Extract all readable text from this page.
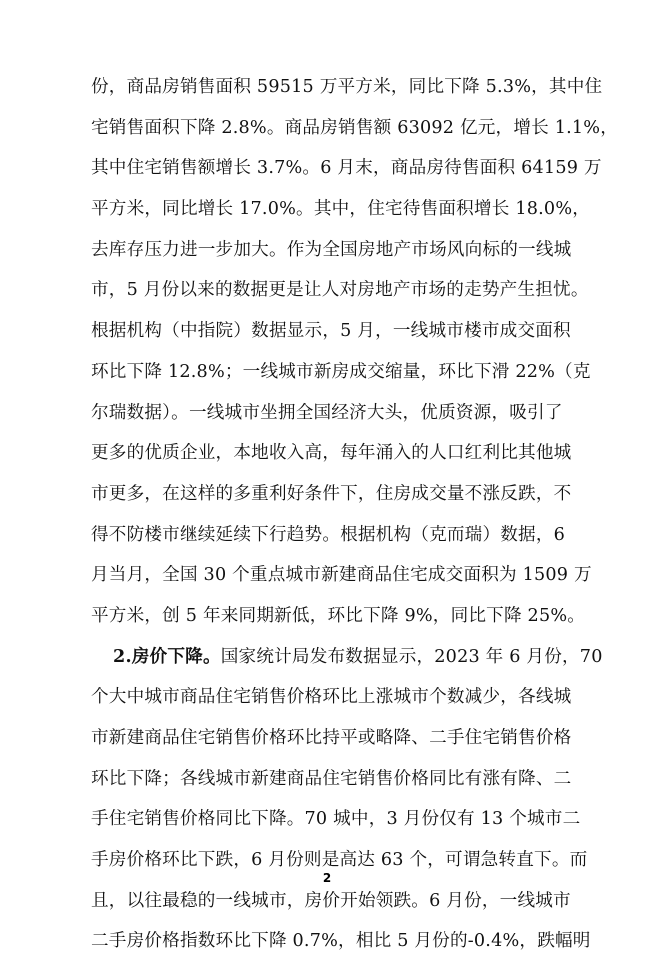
份，商品房销售面积 59515 万平方米，同比下降 5.3%，其中住
宅销售面积下降 2.8%。商品房销售额 63092 亿元，增长 1.1%，
其中住宅销售额增长 3.7%。6 月末，商品房待售面积 64159 万
平方米，同比增长 17.0%。其中，住宅待售面积增长 18.0%，
去库存压力进一步加大。作为全国房地产市场风向标的一线城
市，5 月份以来的数据更是让人对房地产市场的走势产生担忧。
根据机构（中指院）数据显示，5 月，一线城市楼市成交面积
环比下降 12.8%；一线城市新房成交缩量，环比下滑 22%（克
尔瑞数据）。一线城市坐拥全国经济大头，优质资源，吸引了
更多的优质企业，本地收入高，每年涌入的人口红利比其他城
市更多，在这样的多重利好条件下，住房成交量不涨反跌，不
得不防楼市继续延续下行趋势。根据机构（克而瑞）数据，6
月当月，全国 30 个重点城市新建商品住宅成交面积为 1509 万
平方米，创 5 年来同期新低，环比下降 9%，同比下降 25%。
2.房价下降。国家统计局发布数据显示，2023 年 6 月份，70
个大中城市商品住宅销售价格环比上涨城市个数减少，各线城
市新建商品住宅销售价格环比持平或略降、二手住宅销售价格
环比下降；各线城市新建商品住宅销售价格同比有涨有降、二
手住宅销售价格同比下降。70 城中，3 月份仅有 13 个城市二
手房价格环比下跌，6 月份则是高达 63 个，可谓急转直下。而
且，以往最稳的一线城市，房价开始领跌。6 月份，一线城市
二手房价格指数环比下降 0.7%，相比 5 月份的-0.4%，跌幅明
2
